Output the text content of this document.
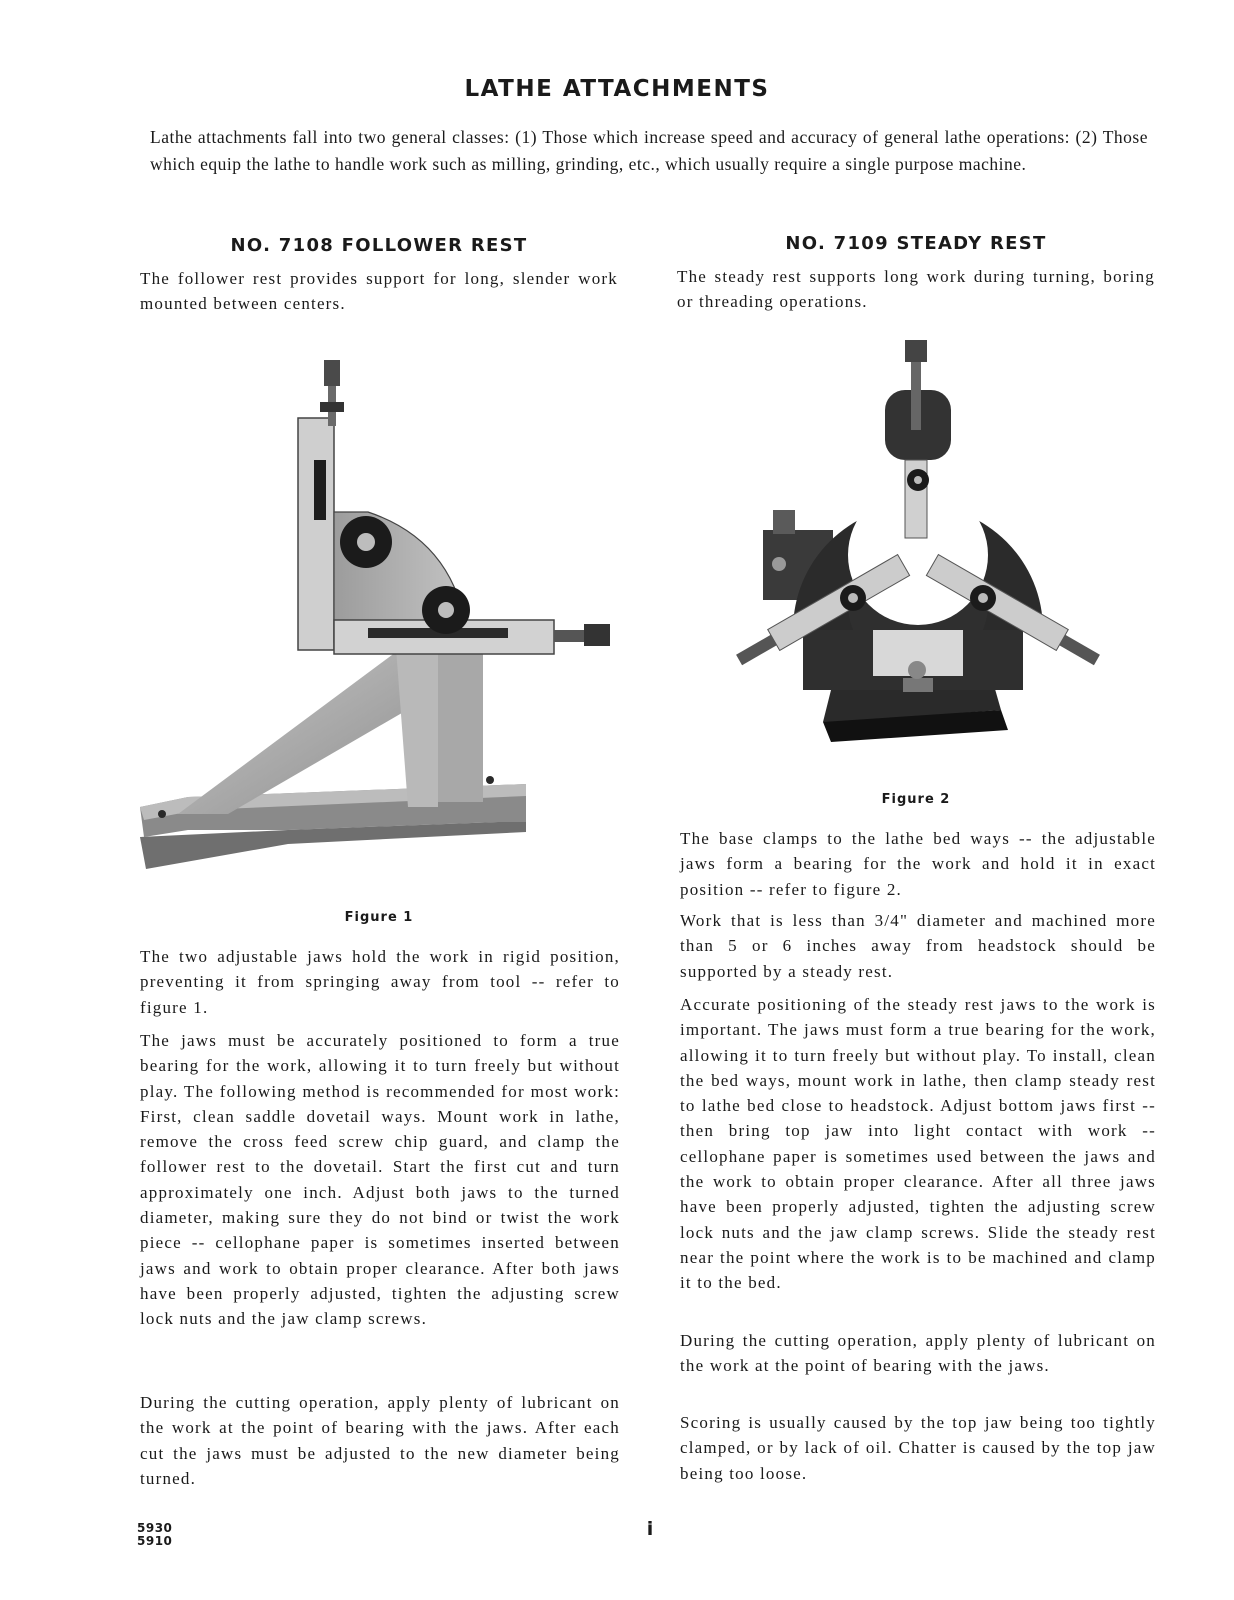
LATHE ATTACHMENTS

Lathe attachments fall into two general classes: (1) Those which increase speed and accuracy of general lathe operations: (2) Those which equip the lathe to handle work such as milling, grinding, etc., which usually require a single purpose machine.

NO. 7108 FOLLOWER REST

The follower rest provides support for long, slender work mounted between centers.

Figure 1

The two adjustable jaws hold the work in rigid position, preventing it from springing away from tool -- refer to figure 1.

The jaws must be accurately positioned to form a true bearing for the work, allowing it to turn freely but without play. The following method is recommended for most work: First, clean saddle dovetail ways. Mount work in lathe, remove the cross feed screw chip guard, and clamp the follower rest to the dovetail. Start the first cut and turn approximately one inch. Adjust both jaws to the turned diameter, making sure they do not bind or twist the work piece -- cellophane paper is sometimes inserted between jaws and work to obtain proper clearance. After both jaws have been properly adjusted, tighten the adjusting screw lock nuts and the jaw clamp screws.

During the cutting operation, apply plenty of lubricant on the work at the point of bearing with the jaws. After each cut the jaws must be adjusted to the new diameter being turned.

NO. 7109 STEADY REST

The steady rest supports long work during turning, boring or threading operations.

Figure 2

The base clamps to the lathe bed ways -- the adjustable jaws form a bearing for the work and hold it in exact position -- refer to figure 2.

Work that is less than 3/4" diameter and machined more than 5 or 6 inches away from headstock should be supported by a steady rest.

Accurate positioning of the steady rest jaws to the work is important. The jaws must form a true bearing for the work, allowing it to turn freely but without play. To install, clean the bed ways, mount work in lathe, then clamp steady rest to lathe bed close to headstock. Adjust bottom jaws first -- then bring top jaw into light contact with work -- cellophane paper is sometimes used between the jaws and the work to obtain proper clearance. After all three jaws have been properly adjusted, tighten the adjusting screw lock nuts and the jaw clamp screws. Slide the steady rest near the point where the work is to be machined and clamp it to the bed.

During the cutting operation, apply plenty of lubricant on the work at the point of bearing with the jaws.

Scoring is usually caused by the top jaw being too tightly clamped, or by lack of oil. Chatter is caused by the top jaw being too loose.

5930
5910
i
